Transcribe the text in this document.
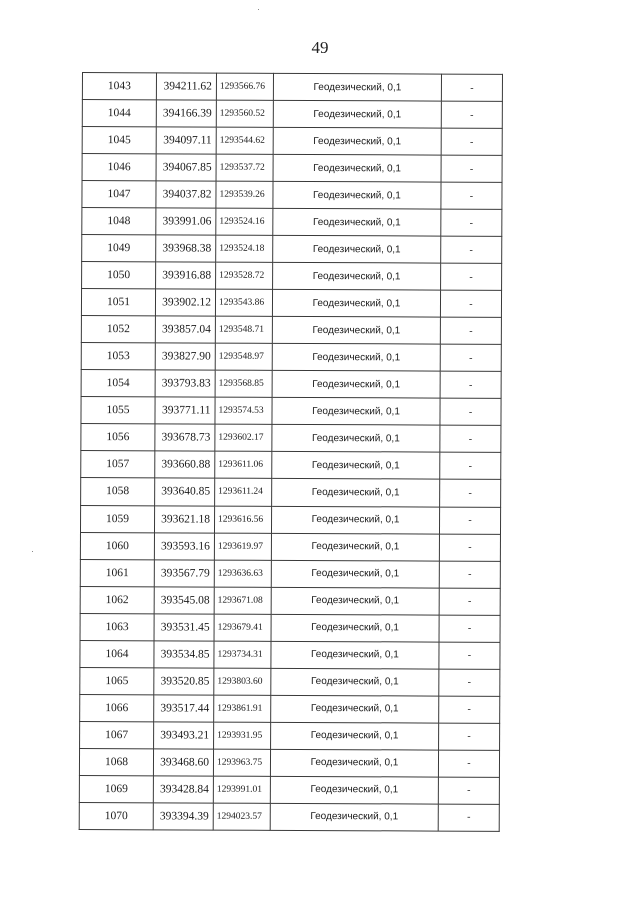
49
1043	394211.62	1293566.76	Геодезический, 0,1	-
1044	394166.39	1293560.52	Геодезический, 0,1	-
1045	394097.11	1293544.62	Геодезический, 0,1	-
1046	394067.85	1293537.72	Геодезический, 0,1	-
1047	394037.82	1293539.26	Геодезический, 0,1	-
1048	393991.06	1293524.16	Геодезический, 0,1	-
1049	393968.38	1293524.18	Геодезический, 0,1	-
1050	393916.88	1293528.72	Геодезический, 0,1	-
1051	393902.12	1293543.86	Геодезический, 0,1	-
1052	393857.04	1293548.71	Геодезический, 0,1	-
1053	393827.90	1293548.97	Геодезический, 0,1	-
1054	393793.83	1293568.85	Геодезический, 0,1	-
1055	393771.11	1293574.53	Геодезический, 0,1	-
1056	393678.73	1293602.17	Геодезический, 0,1	-
1057	393660.88	1293611.06	Геодезический, 0,1	-
1058	393640.85	1293611.24	Геодезический, 0,1	-
1059	393621.18	1293616.56	Геодезический, 0,1	-
1060	393593.16	1293619.97	Геодезический, 0,1	-
1061	393567.79	1293636.63	Геодезический, 0,1	-
1062	393545.08	1293671.08	Геодезический, 0,1	-
1063	393531.45	1293679.41	Геодезический, 0,1	-
1064	393534.85	1293734.31	Геодезический, 0,1	-
1065	393520.85	1293803.60	Геодезический, 0,1	-
1066	393517.44	1293861.91	Геодезический, 0,1	-
1067	393493.21	1293931.95	Геодезический, 0,1	-
1068	393468.60	1293963.75	Геодезический, 0,1	-
1069	393428.84	1293991.01	Геодезический, 0,1	-
1070	393394.39	1294023.57	Геодезический, 0,1	-
